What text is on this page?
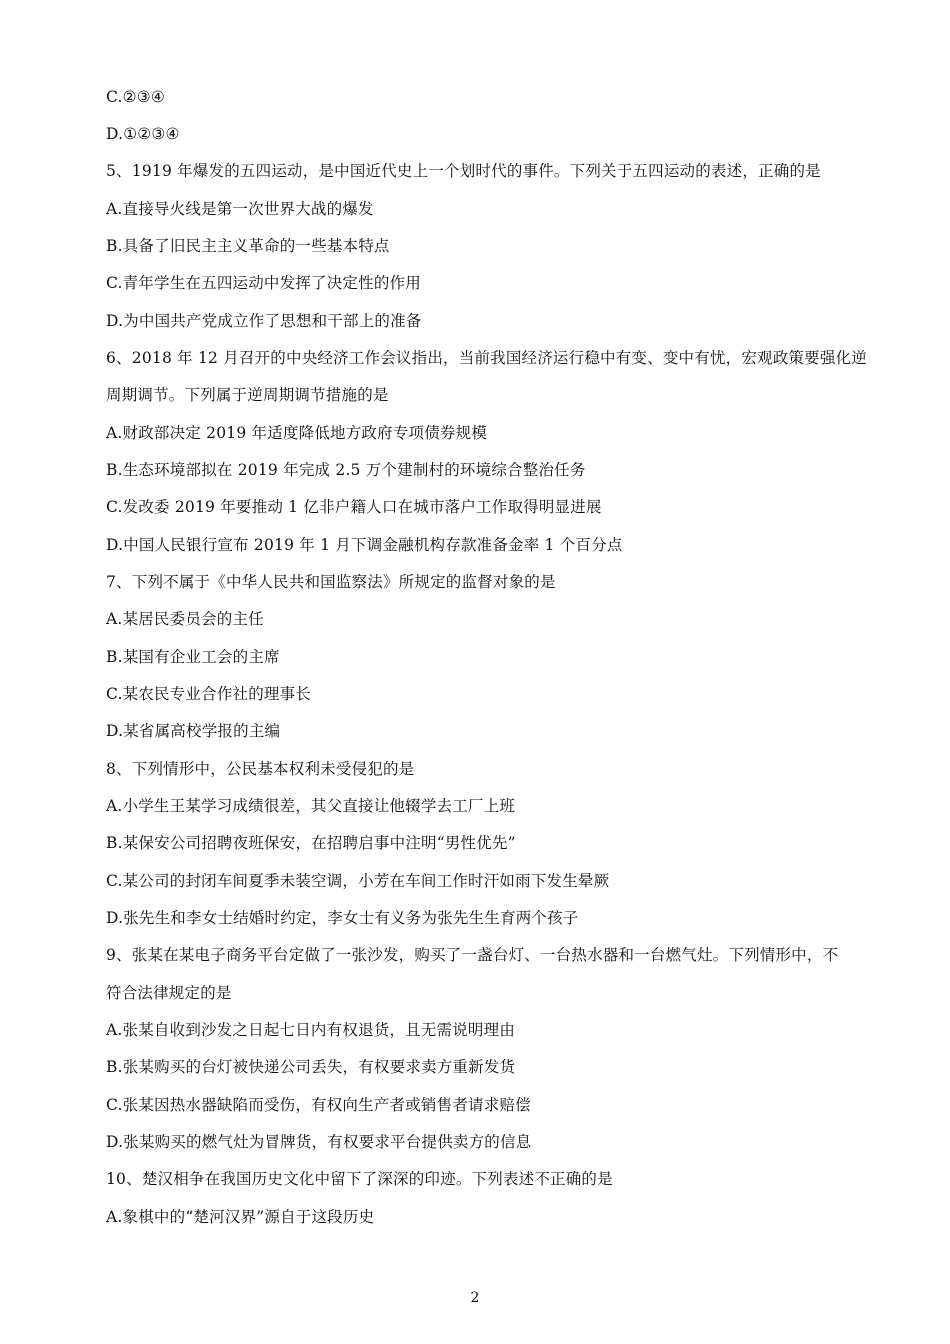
C.②③④
D.①②③④
5、1919 年爆发的五四运动，是中国近代史上一个划时代的事件。下列关于五四运动的表述，正确的是
A.直接导火线是第一次世界大战的爆发
B.具备了旧民主主义革命的一些基本特点
C.青年学生在五四运动中发挥了决定性的作用
D.为中国共产党成立作了思想和干部上的准备
6、2018 年 12 月召开的中央经济工作会议指出，当前我国经济运行稳中有变、变中有忧，宏观政策要强化逆
周期调节。下列属于逆周期调节措施的是
A.财政部决定 2019 年适度降低地方政府专项债券规模
B.生态环境部拟在 2019 年完成 2.5 万个建制村的环境综合整治任务
C.发改委 2019 年要推动 1 亿非户籍人口在城市落户工作取得明显进展
D.中国人民银行宣布 2019 年 1 月下调金融机构存款准备金率 1 个百分点
7、下列不属于《中华人民共和国监察法》所规定的监督对象的是
A.某居民委员会的主任
B.某国有企业工会的主席
C.某农民专业合作社的理事长
D.某省属高校学报的主编
8、下列情形中，公民基本权利未受侵犯的是
A.小学生王某学习成绩很差，其父直接让他辍学去工厂上班
B.某保安公司招聘夜班保安，在招聘启事中注明“男性优先”
C.某公司的封闭车间夏季未装空调，小芳在车间工作时汗如雨下发生晕厥
D.张先生和李女士结婚时约定，李女士有义务为张先生生育两个孩子
9、张某在某电子商务平台定做了一张沙发，购买了一盏台灯、一台热水器和一台燃气灶。下列情形中，不
符合法律规定的是
A.张某自收到沙发之日起七日内有权退货，且无需说明理由
B.张某购买的台灯被快递公司丢失，有权要求卖方重新发货
C.张某因热水器缺陷而受伤，有权向生产者或销售者请求赔偿
D.张某购买的燃气灶为冒牌货，有权要求平台提供卖方的信息
10、楚汉相争在我国历史文化中留下了深深的印迹。下列表述不正确的是
A.象棋中的“楚河汉界”源自于这段历史
2
